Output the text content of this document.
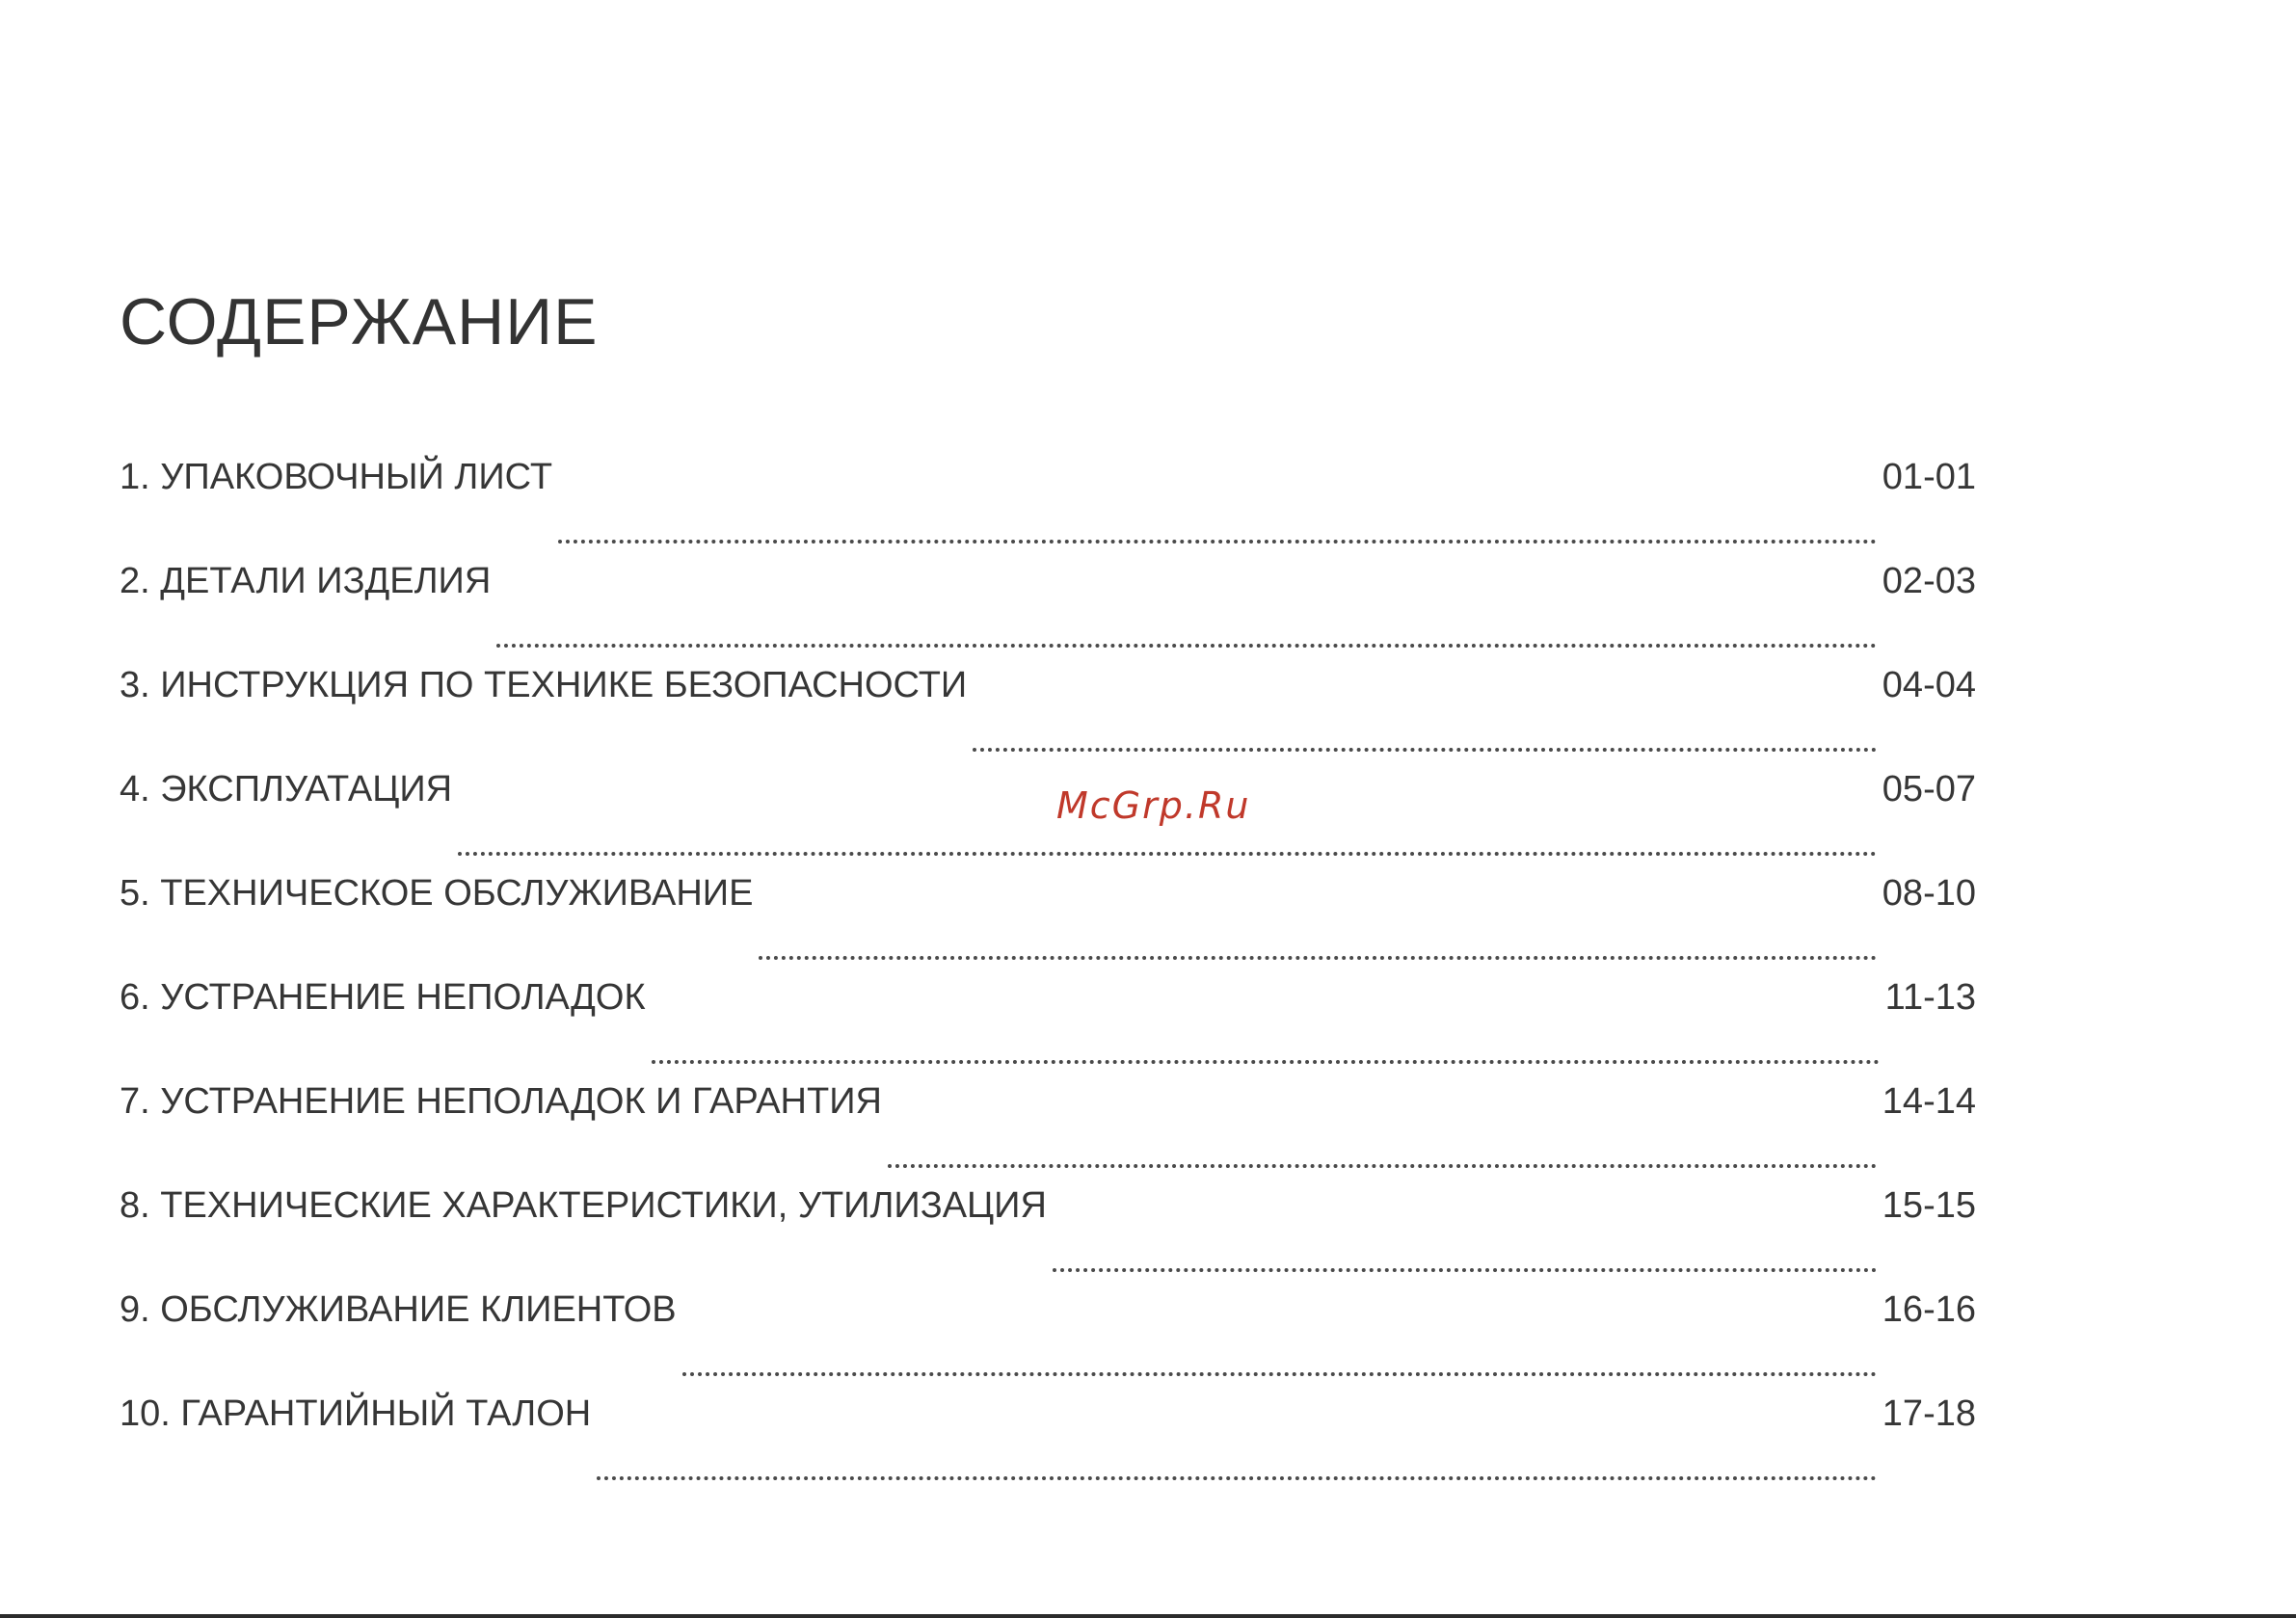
СОДЕРЖАНИЕ
1. УПАКОВОЧНЫЙ ЛИСТ	01-01
2. ДЕТАЛИ ИЗДЕЛИЯ	02-03
3. ИНСТРУКЦИЯ ПО ТЕХНИКЕ БЕЗОПАСНОСТИ	04-04
4. ЭКСПЛУАТАЦИЯ	05-07
5. ТЕХНИЧЕСКОЕ ОБСЛУЖИВАНИЕ	08-10
6. УСТРАНЕНИЕ НЕПОЛАДОК	11-13
7. УСТРАНЕНИЕ НЕПОЛАДОК И ГАРАНТИЯ	14-14
8. ТЕХНИЧЕСКИЕ ХАРАКТЕРИСТИКИ, УТИЛИЗАЦИЯ	15-15
9. ОБСЛУЖИВАНИЕ КЛИЕНТОВ	16-16
10. ГАРАНТИЙНЫЙ ТАЛОН	17-18
McGrp.Ru
